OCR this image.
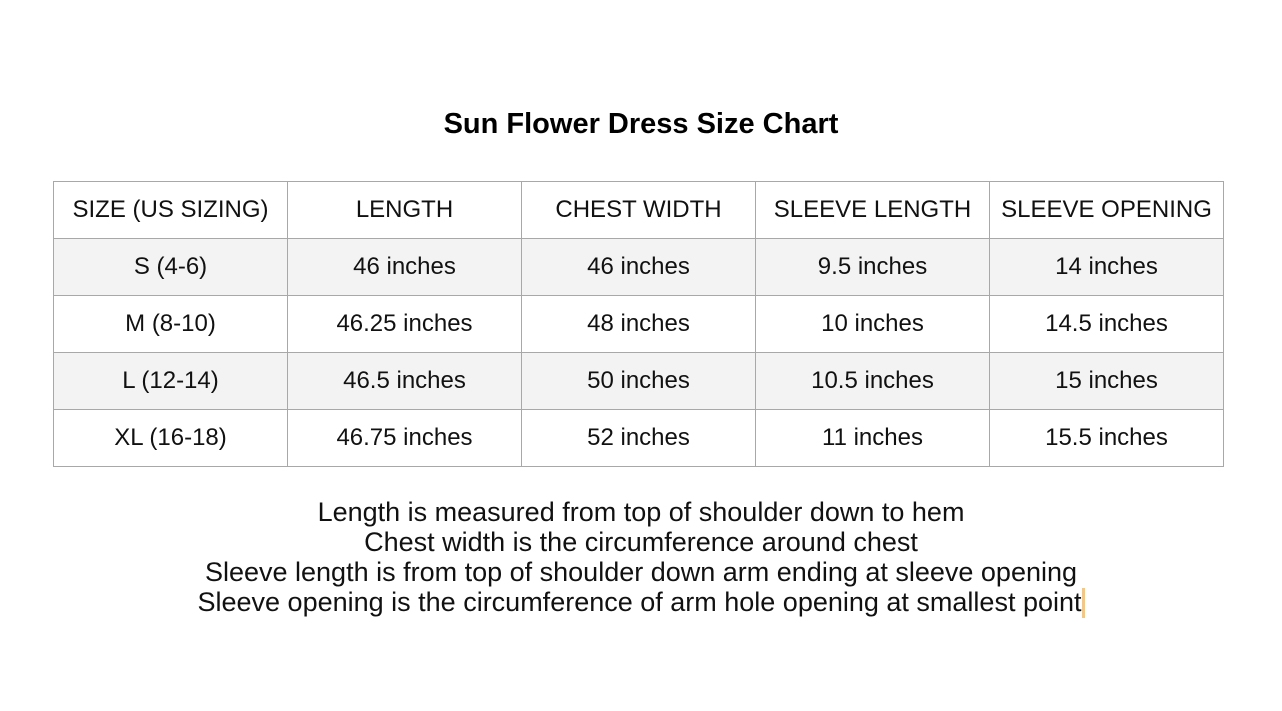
Sun Flower Dress Size Chart
SIZE (US SIZING)	LENGTH	CHEST WIDTH	SLEEVE LENGTH	SLEEVE OPENING
S (4-6)	46 inches	46 inches	9.5 inches	14 inches
M (8-10)	46.25 inches	48 inches	10 inches	14.5 inches
L (12-14)	46.5 inches	50 inches	10.5 inches	15 inches
XL (16-18)	46.75 inches	52 inches	11 inches	15.5 inches
Length is measured from top of shoulder down to hem
Chest width is the circumference around chest
Sleeve length is from top of shoulder down arm ending at sleeve opening
Sleeve opening is the circumference of arm hole opening at smallest point
